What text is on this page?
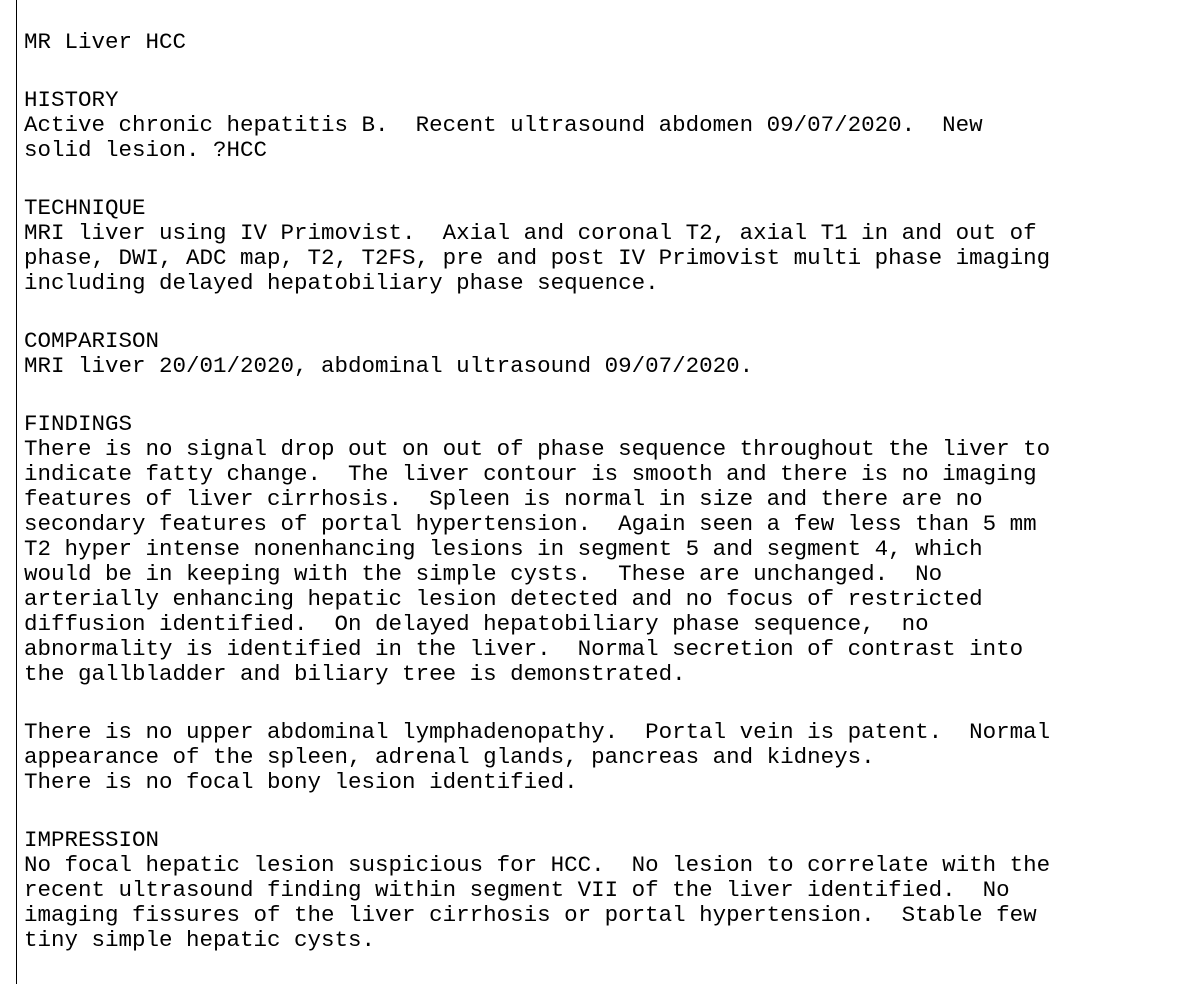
MR Liver HCC
HISTORY
Active chronic hepatitis B.  Recent ultrasound abdomen 09/07/2020.  New
solid lesion. ?HCC
TECHNIQUE
MRI liver using IV Primovist.  Axial and coronal T2, axial T1 in and out of
phase, DWI, ADC map, T2, T2FS, pre and post IV Primovist multi phase imaging
including delayed hepatobiliary phase sequence.
COMPARISON
MRI liver 20/01/2020, abdominal ultrasound 09/07/2020.
FINDINGS
There is no signal drop out on out of phase sequence throughout the liver to
indicate fatty change.  The liver contour is smooth and there is no imaging
features of liver cirrhosis.  Spleen is normal in size and there are no
secondary features of portal hypertension.  Again seen a few less than 5 mm
T2 hyper intense nonenhancing lesions in segment 5 and segment 4, which
would be in keeping with the simple cysts.  These are unchanged.  No
arterially enhancing hepatic lesion detected and no focus of restricted
diffusion identified.  On delayed hepatobiliary phase sequence,  no
abnormality is identified in the liver.  Normal secretion of contrast into
the gallbladder and biliary tree is demonstrated.
There is no upper abdominal lymphadenopathy.  Portal vein is patent.  Normal
appearance of the spleen, adrenal glands, pancreas and kidneys.
There is no focal bony lesion identified.
IMPRESSION
No focal hepatic lesion suspicious for HCC.  No lesion to correlate with the
recent ultrasound finding within segment VII of the liver identified.  No
imaging fissures of the liver cirrhosis or portal hypertension.  Stable few
tiny simple hepatic cysts.
